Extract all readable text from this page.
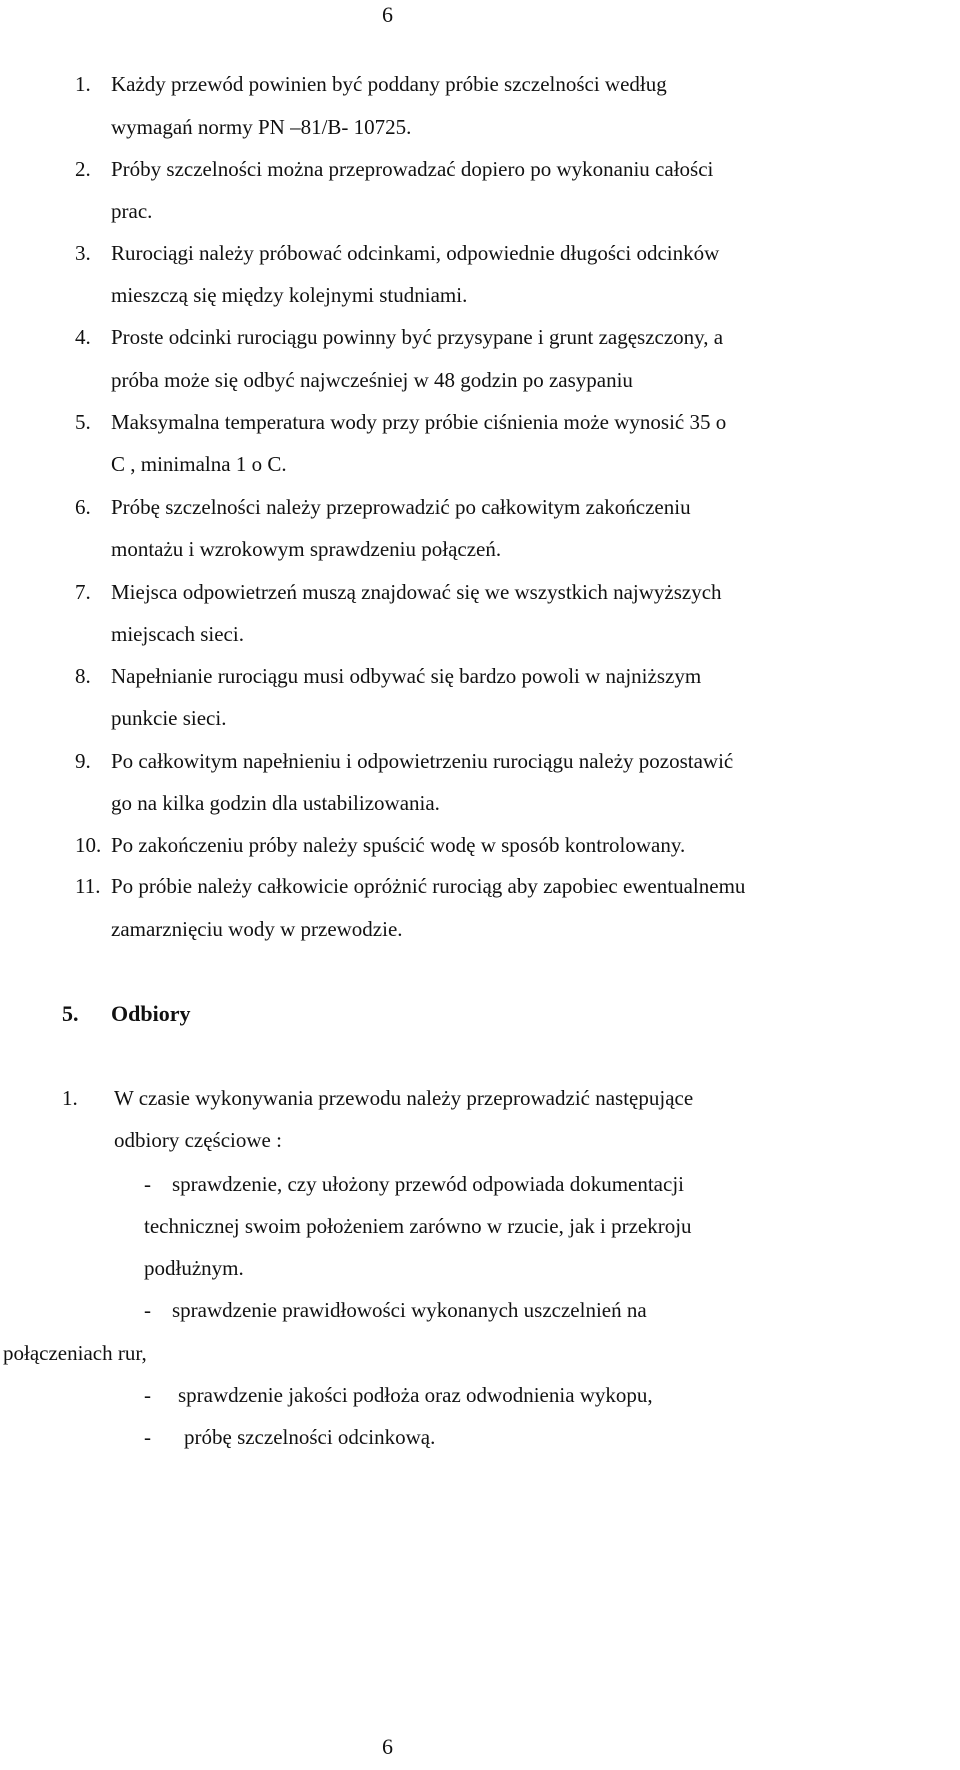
6
1. Każdy przewód powinien być poddany próbie szczelności według
wymagań normy PN –81/B- 10725.
2. Próby szczelności można przeprowadzać dopiero po wykonaniu całości
prac.
3. Rurociągi należy próbować odcinkami, odpowiednie długości odcinków
mieszczą się między kolejnymi studniami.
4. Proste odcinki rurociągu powinny być przysypane i grunt zagęszczony, a
próba może się odbyć najwcześniej w 48 godzin po zasypaniu
5. Maksymalna temperatura wody przy próbie ciśnienia może wynosić 35 o
C , minimalna 1 o C.
6. Próbę szczelności należy przeprowadzić po całkowitym zakończeniu
montażu i wzrokowym sprawdzeniu połączeń.
7. Miejsca odpowietrzeń muszą znajdować się we wszystkich najwyższych
miejscach sieci.
8. Napełnianie rurociągu musi odbywać się bardzo powoli w najniższym
punkcie sieci.
9. Po całkowitym napełnieniu i odpowietrzeniu rurociągu należy pozostawić
go na kilka godzin dla ustabilizowania.
10. Po zakończeniu próby należy spuścić wodę w sposób kontrolowany.
11. Po próbie należy całkowicie opróżnić rurociąg aby zapobiec ewentualnemu
zamarznięciu wody w przewodzie.
5. Odbiory
1. W czasie wykonywania przewodu należy przeprowadzić następujące
odbiory częściowe :
- sprawdzenie, czy ułożony przewód odpowiada dokumentacji
technicznej swoim położeniem zarówno w rzucie, jak i przekroju
podłużnym.
- sprawdzenie prawidłowości wykonanych uszczelnień na
połączeniach rur,
- sprawdzenie jakości podłoża oraz odwodnienia wykopu,
- próbę szczelności odcinkową.
6
